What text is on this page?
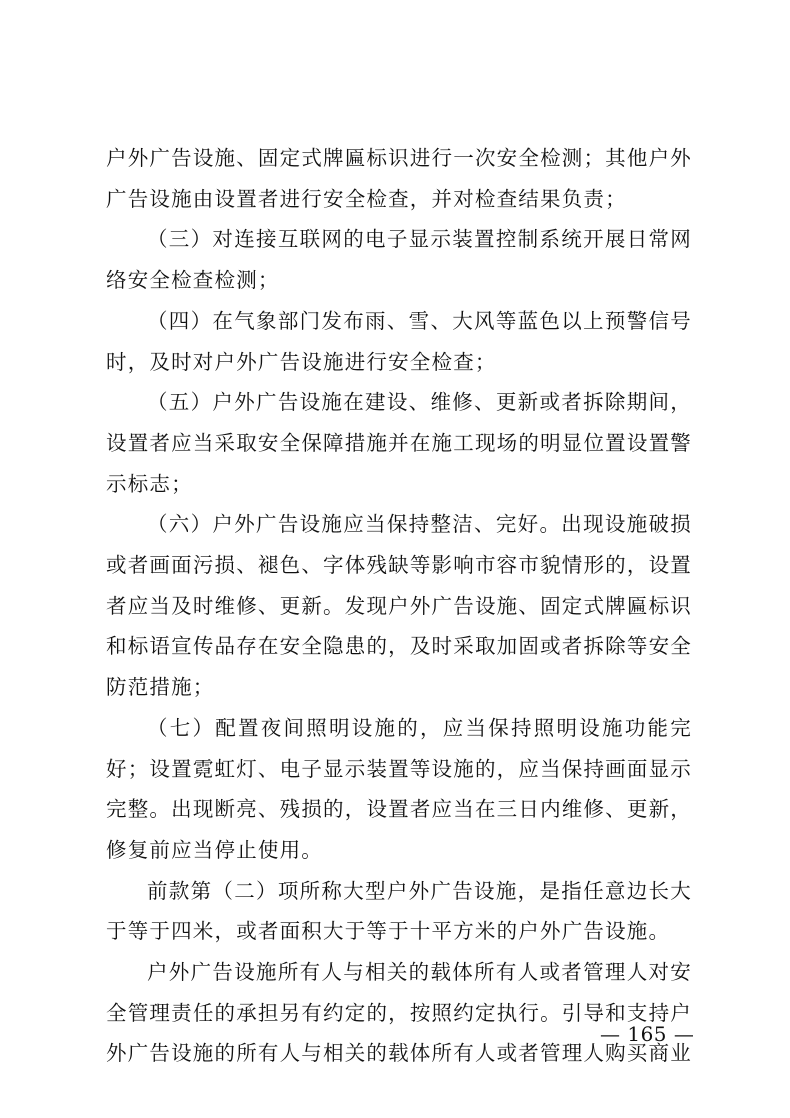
户外广告设施、固定式牌匾标识进行一次安全检测；其他户外广告设施由设置者进行安全检查，并对检查结果负责；

（三）对连接互联网的电子显示装置控制系统开展日常网络安全检查检测；

（四）在气象部门发布雨、雪、大风等蓝色以上预警信号时，及时对户外广告设施进行安全检查；

（五）户外广告设施在建设、维修、更新或者拆除期间，设置者应当采取安全保障措施并在施工现场的明显位置设置警示标志；

（六）户外广告设施应当保持整洁、完好。出现设施破损或者画面污损、褪色、字体残缺等影响市容市貌情形的，设置者应当及时维修、更新。发现户外广告设施、固定式牌匾标识和标语宣传品存在安全隐患的，及时采取加固或者拆除等安全防范措施；

（七）配置夜间照明设施的，应当保持照明设施功能完好；设置霓虹灯、电子显示装置等设施的，应当保持画面显示完整。出现断亮、残损的，设置者应当在三日内维修、更新，修复前应当停止使用。

前款第（二）项所称大型户外广告设施，是指任意边长大于等于四米，或者面积大于等于十平方米的户外广告设施。

户外广告设施所有人与相关的载体所有人或者管理人对安全管理责任的承担另有约定的，按照约定执行。引导和支持户外广告设施的所有人与相关的载体所有人或者管理人购买商业

— 165 —
